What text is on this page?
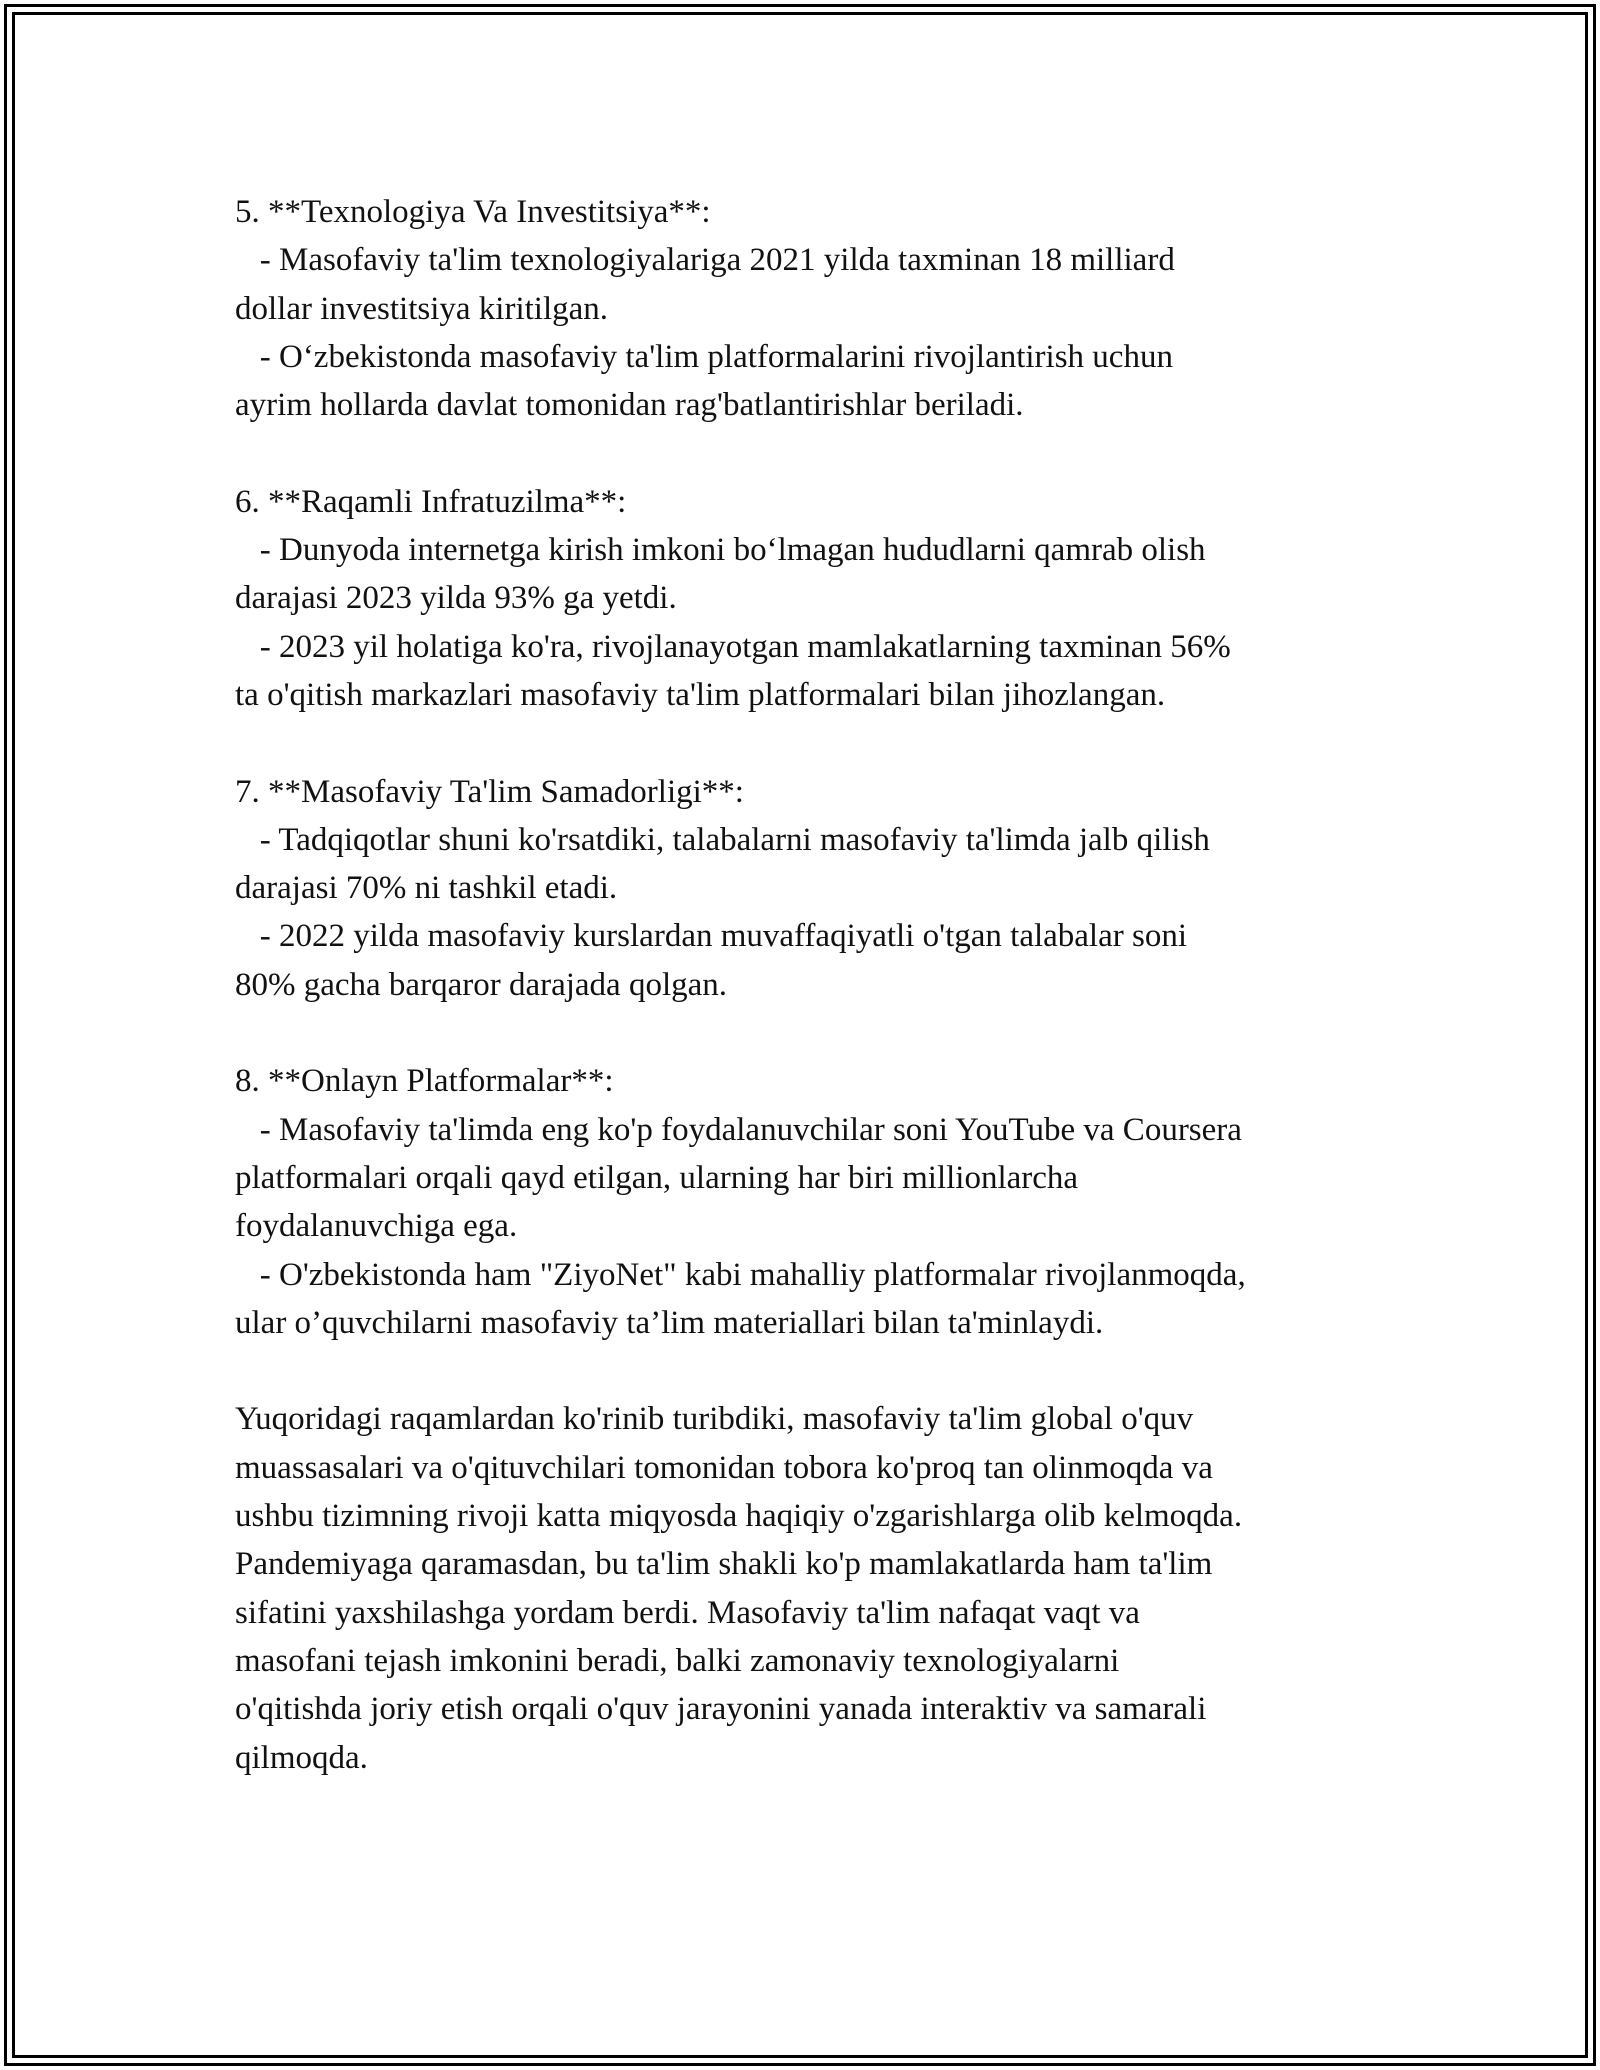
5. **Texnologiya Va Investitsiya**:
- Masofaviy ta'lim texnologiyalariga 2021 yilda taxminan 18 milliard
dollar investitsiya kiritilgan.
- O‘zbekistonda masofaviy ta'lim platformalarini rivojlantirish uchun
ayrim hollarda davlat tomonidan rag'batlantirishlar beriladi.
6. **Raqamli Infratuzilma**:
- Dunyoda internetga kirish imkoni bo‘lmagan hududlarni qamrab olish
darajasi 2023 yilda 93% ga yetdi.
- 2023 yil holatiga ko'ra, rivojlanayotgan mamlakatlarning taxminan 56%
ta o'qitish markazlari masofaviy ta'lim platformalari bilan jihozlangan.
7. **Masofaviy Ta'lim Samadorligi**:
- Tadqiqotlar shuni ko'rsatdiki, talabalarni masofaviy ta'limda jalb qilish
darajasi 70% ni tashkil etadi.
- 2022 yilda masofaviy kurslardan muvaffaqiyatli o'tgan talabalar soni
80% gacha barqaror darajada qolgan.
8. **Onlayn Platformalar**:
- Masofaviy ta'limda eng ko'p foydalanuvchilar soni YouTube va Coursera
platformalari orqali qayd etilgan, ularning har biri millionlarcha
foydalanuvchiga ega.
- O'zbekistonda ham "ZiyoNet" kabi mahalliy platformalar rivojlanmoqda,
ular o’quvchilarni masofaviy ta’lim materiallari bilan ta'minlaydi.
Yuqoridagi raqamlardan ko'rinib turibdiki, masofaviy ta'lim global o'quv
muassasalari va o'qituvchilari tomonidan tobora ko'proq tan olinmoqda va
ushbu tizimning rivoji katta miqyosda haqiqiy o'zgarishlarga olib kelmoqda.
Pandemiyaga qaramasdan, bu ta'lim shakli ko'p mamlakatlarda ham ta'lim
sifatini yaxshilashga yordam berdi. Masofaviy ta'lim nafaqat vaqt va
masofani tejash imkonini beradi, balki zamonaviy texnologiyalarni
o'qitishda joriy etish orqali o'quv jarayonini yanada interaktiv va samarali
qilmoqda.
